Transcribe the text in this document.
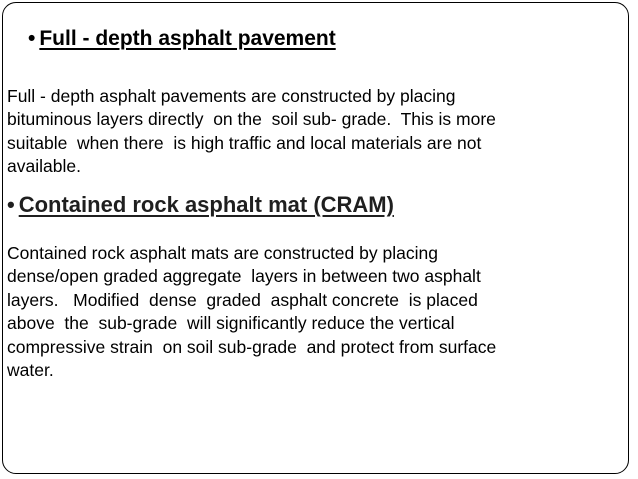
• Full - depth asphalt pavement

Full - depth asphalt pavements are constructed by placing
bituminous layers directly  on the  soil sub- grade.  This is more
suitable  when there  is high traffic and local materials are not
available.

• Contained rock asphalt mat (CRAM)

Contained rock asphalt mats are constructed by placing
dense/open graded aggregate  layers in between two asphalt
layers.   Modified  dense  graded  asphalt concrete  is placed
above  the  sub-grade  will significantly reduce the vertical
compressive strain  on soil sub-grade  and protect from surface
water.
